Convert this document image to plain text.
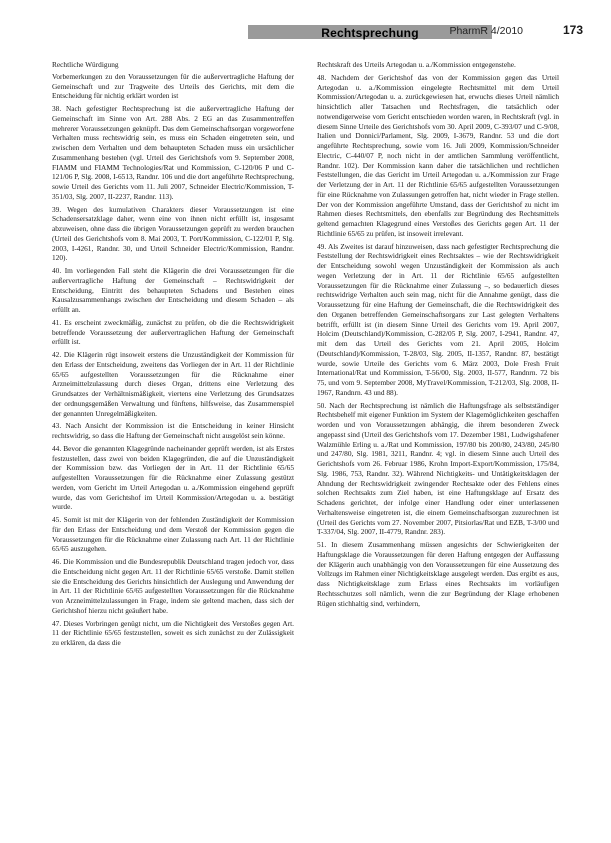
Rechtsprechung	PharmR 4/2010	173

Rechtliche Würdigung

Vorbemerkungen zu den Voraussetzungen für die außervertragliche Haftung der Gemeinschaft und zur Tragweite des Urteils des Gerichts, mit dem die Entscheidung für nichtig erklärt worden ist

38. Nach gefestigter Rechtsprechung ist die außervertragliche Haftung der Gemeinschaft im Sinne von Art. 288 Abs. 2 EG an das Zusammentreffen mehrerer Voraussetzungen geknüpft. Das dem Gemeinschaftsorgan vorgeworfene Verhalten muss rechtswidrig sein, es muss ein Schaden eingetreten sein, und zwischen dem Verhalten und dem behaupteten Schaden muss ein ursächlicher Zusammenhang bestehen (vgl. Urteil des Gerichtshofs vom 9. September 2008, FIAMM und FIAMM Technologies/Rat und Kommission, C-120/06 P und C-121/06 P, Slg. 2008, I-6513, Randnr. 106 und die dort angeführte Rechtsprechung, sowie Urteil des Gerichts vom 11. Juli 2007, Schneider Electric/Kommission, T-351/03, Slg. 2007, II-2237, Randnr. 113).

39. Wegen des kumulativen Charakters dieser Voraussetzungen ist eine Schadensersatzklage daher, wenn eine von ihnen nicht erfüllt ist, insgesamt abzuweisen, ohne dass die übrigen Voraussetzungen geprüft zu werden brauchen (Urteil des Gerichtshofs vom 8. Mai 2003, T. Port/Kommission, C-122/01 P, Slg. 2003, I-4261, Randnr. 30, und Urteil Schneider Electric/Kommission, Randnr. 120).

40. Im vorliegenden Fall steht die Klägerin die drei Voraussetzungen für die außervertragliche Haftung der Gemeinschaft – Rechtswidrigkeit der Entscheidung, Eintritt des behaupteten Schadens und Bestehen eines Kausalzusammenhangs zwischen der Entscheidung und diesem Schaden – als erfüllt an.

41. Es erscheint zweckmäßig, zunächst zu prüfen, ob die die Rechtswidrigkeit betreffende Voraussetzung der außervertraglichen Haftung der Gemeinschaft erfüllt ist.

42. Die Klägerin rügt insoweit erstens die Unzuständigkeit der Kommission für den Erlass der Entscheidung, zweitens das Vorliegen der in Art. 11 der Richtlinie 65/65 aufgestellten Voraussetzungen für die Rücknahme einer Arzneimittelzulassung durch dieses Organ, drittens eine Verletzung des Grundsatzes der Verhältnismäßigkeit, viertens eine Verletzung des Grundsatzes der ordnungsgemäßen Verwaltung und fünftens, hilfsweise, das Zusammenspiel der genannten Unregelmäßigkeiten.

43. Nach Ansicht der Kommission ist die Entscheidung in keiner Hinsicht rechtswidrig, so dass die Haftung der Gemeinschaft nicht ausgelöst sein könne.

44. Bevor die genannten Klagegründe nacheinander geprüft werden, ist als Erstes festzustellen, dass zwei von beiden Klagegründen, die auf die Unzuständigkeit der Kommission bzw. das Vorliegen der in Art. 11 der Richtlinie 65/65 aufgestellten Voraussetzungen für die Rücknahme einer Zulassung gestützt werden, vom Gericht im Urteil Artegodan u. a./Kommission eingehend geprüft wurde, das vom Gerichtshof im Urteil Kommission/Artegodan u. a. bestätigt wurde.

45. Somit ist mit der Klägerin von der fehlenden Zuständigkeit der Kommission für den Erlass der Entscheidung und dem Verstoß der Kommission gegen die Voraussetzungen für die Rücknahme einer Zulassung nach Art. 11 der Richtlinie 65/65 auszugehen.

46. Die Kommission und die Bundesrepublik Deutschland tragen jedoch vor, dass die Entscheidung nicht gegen Art. 11 der Richtlinie 65/65 verstoße. Damit stellen sie die Entscheidung des Gerichts hinsichtlich der Auslegung und Anwendung der in Art. 11 der Richtlinie 65/65 aufgestellten Voraussetzungen für die Rücknahme von Arzneimittelzulassungen in Frage, indem sie geltend machen, dass sich der Gerichtshof hierzu nicht geäußert habe.

47. Dieses Vorbringen genügt nicht, um die Nichtigkeit des Verstoßes gegen Art. 11 der Richtlinie 65/65 festzustellen, soweit es sich zunächst zu der Zulässigkeit zu erklären, da dass die

Rechtskraft des Urteils Artegodan u. a./Kommission entgegenstehe.

48. Nachdem der Gerichtshof das von der Kommission gegen das Urteil Artegodan u. a./Kommission eingelegte Rechtsmittel mit dem Urteil Kommission/Artegodan u. a. zurückgewiesen hat, erwuchs dieses Urteil nämlich hinsichtlich aller Tatsachen und Rechtsfragen, die tatsächlich oder notwendigerweise vom Gericht entschieden worden waren, in Rechtskraft (vgl. in diesem Sinne Urteile des Gerichtshofs vom 30. April 2009, C-393/07 und C-9/08, Italien und Donnici/Parlament, Slg. 2009, I-3679, Randnr. 53 und die dort angeführte Rechtsprechung, sowie vom 16. Juli 2009, Kommission/Schneider Electric, C-440/07 P, noch nicht in der amtlichen Sammlung veröffentlicht, Randnr. 102). Der Kommission kann daher die tatsächlichen und rechtlichen Feststellungen, die das Gericht im Urteil Artegodan u. a./Kommission zur Frage der Verletzung der in Art. 11 der Richtlinie 65/65 aufgestellten Voraussetzungen für eine Rücknahme von Zulassungen getroffen hat, nicht wieder in Frage stellen. Der von der Kommission angeführte Umstand, dass der Gerichtshof zu nicht im Rahmen dieses Rechtsmittels, den ebenfalls zur Begründung des Rechtsmittels geltend gemachten Klagegrund eines Verstoßes des Gerichts gegen Art. 11 der Richtlinie 65/65 zu prüfen, ist insoweit irrelevant.

49. Als Zweites ist darauf hinzuweisen, dass nach gefestigter Rechtsprechung die Feststellung der Rechtswidrigkeit eines Rechtsaktes – wie der Rechtswidrigkeit der Entscheidung sowohl wegen Unzuständigkeit der Kommission als auch wegen Verletzung der in Art. 11 der Richtlinie 65/65 aufgestellten Voraussetzungen für die Rücknahme einer Zulassung –, so bedauerlich dieses rechtswidrige Verhalten auch sein mag, nicht für die Annahme genügt, dass die Voraussetzung für eine Haftung der Gemeinschaft, die die Rechtswidrigkeit des den Organen betreffenden Gemeinschaftsorgans zur Last gelegten Verhaltens betrifft, erfüllt ist (in diesem Sinne Urteil des Gerichts vom 19. April 2007, Holcim (Deutschland)/Kommission, C-282/05 P, Slg. 2007, I-2941, Randnr. 47, mit dem das Urteil des Gerichts vom 21. April 2005, Holcim (Deutschland)/Kommission, T-28/03, Slg. 2005, II-1357, Randnr. 87, bestätigt wurde, sowie Urteile des Gerichts vom 6. März 2003, Dole Fresh Fruit International/Rat und Kommission, T-56/00, Slg. 2003, II-577, Randnrn. 72 bis 75, und vom 9. September 2008, MyTravel/Kommission, T-212/03, Slg. 2008, II-1967, Randnrn. 43 und 88).

50. Nach der Rechtsprechung ist nämlich die Haftungsfrage als selbstständiger Rechtsbehelf mit eigener Funktion im System der Klagemöglichkeiten geschaffen worden und von Voraussetzungen abhängig, die ihrem besonderen Zweck angepasst sind (Urteil des Gerichtshofs vom 17. Dezember 1981, Ludwigshafener Walzmühle Erling u. a./Rat und Kommission, 197/80 bis 200/80, 243/80, 245/80 und 247/80, Slg. 1981, 3211, Randnr. 4; vgl. in diesem Sinne auch Urteil des Gerichtshofs vom 26. Februar 1986, Krohn Import-Export/Kommission, 175/84, Slg. 1986, 753, Randnr. 32). Während Nichtigkeits- und Untätigkeitsklagen der Ahndung der Rechtswidrigkeit zwingender Rechtsakte oder des Fehlens eines solchen Rechtsakts zum Ziel haben, ist eine Haftungsklage auf Ersatz des Schadens gerichtet, der infolge einer Handlung oder einer unterlassenen Verhaltensweise eingetreten ist, die einem Gemeinschaftsorgan zuzurechnen ist (Urteil des Gerichts vom 27. November 2007, Pitsiorlas/Rat und EZB, T-3/00 und T-337/04, Slg. 2007, II-4779, Randnr. 283).

51. In diesem Zusammenhang müssen angesichts der Schwierigkeiten der Haftungsklage die Voraussetzungen für deren Haftung entgegen der Auffassung der Klägerin auch unabhängig von den Voraussetzungen für eine Aussetzung des Vollzugs im Rahmen einer Nichtigkeitsklage ausgelegt werden. Das ergibt es aus, dass Nichtigkeitsklage zum Erlass eines Rechtsakts im vorläufigen Rechtsschutzes soll nämlich, wenn die zur Begründung der Klage erhobenen Rügen stichhaltig sind, verhindern,
